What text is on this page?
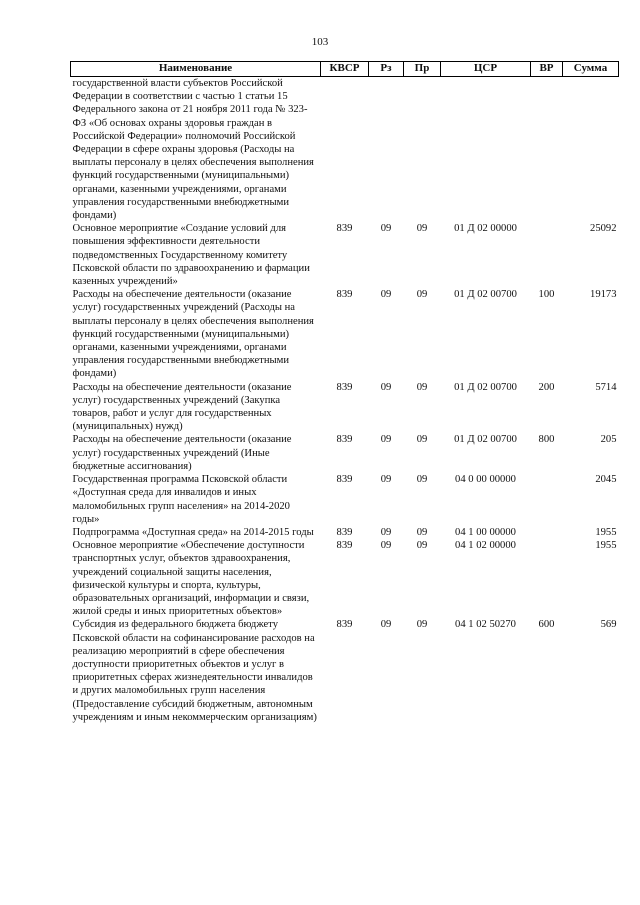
103
Наименование	КВСР	Рз	Пр	ЦСР	ВР	Сумма
государственной власти субъектов Российской Федерации в соответствии с частью 1 статьи 15 Федерального закона от 21 ноября 2011 года № 323-ФЗ «Об основах охраны здоровья граждан в Российской Федерации» полномочий Российской Федерации в сфере охраны здоровья (Расходы на выплаты персоналу в целях обеспечения выполнения функций государственными (муниципальными) органами, казенными учреждениями, органами управления государственными внебюджетными фондами)						
Основное мероприятие «Создание условий для повышения эффективности деятельности подведомственных Государственному комитету Псковской области по здравоохранению и фармации казенных учреждений»	839	09	09	01 Д 02 00000		25092
Расходы на обеспечение деятельности (оказание услуг) государственных учреждений (Расходы на выплаты персоналу в целях обеспечения выполнения функций государственными (муниципальными) органами, казенными учреждениями, органами управления государственными внебюджетными фондами)	839	09	09	01 Д 02 00700	100	19173
Расходы на обеспечение деятельности (оказание услуг) государственных учреждений (Закупка товаров, работ и услуг для государственных (муниципальных) нужд)	839	09	09	01 Д 02 00700	200	5714
Расходы на обеспечение деятельности (оказание услуг) государственных учреждений (Иные бюджетные ассигнования)	839	09	09	01 Д 02 00700	800	205
Государственная программа Псковской области «Доступная среда для инвалидов и иных маломобильных групп населения» на 2014-2020 годы»	839	09	09	04 0 00 00000		2045
Подпрограмма «Доступная среда» на 2014-2015 годы	839	09	09	04 1 00 00000		1955
Основное мероприятие «Обеспечение доступности транспортных услуг, объектов здравоохранения, учреждений социальной защиты населения, физической культуры и спорта, культуры, образовательных организаций, информации и связи, жилой среды и иных приоритетных объектов»	839	09	09	04 1 02 00000		1955
Субсидия из федерального бюджета бюджету Псковской области на софинансирование расходов на реализацию мероприятий в сфере обеспечения доступности приоритетных объектов и услуг в приоритетных сферах жизнедеятельности инвалидов и других маломобильных групп населения (Предоставление субсидий бюджетным, автономным учреждениям и иным некоммерческим организациям)	839	09	09	04 1 02 50270	600	569
